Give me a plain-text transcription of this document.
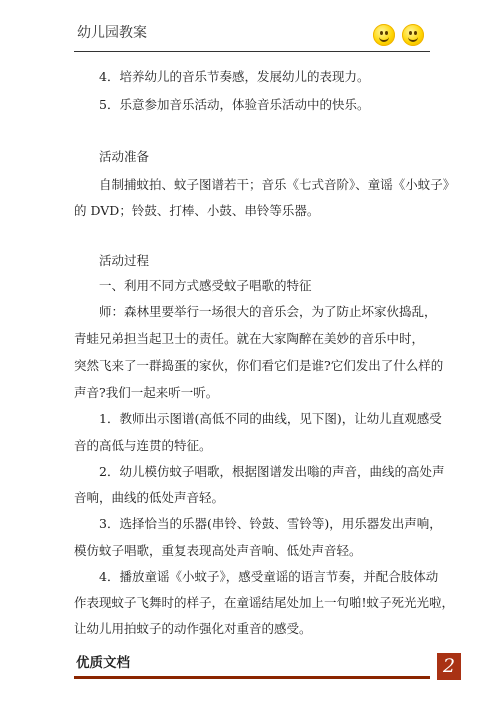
幼儿园教案
4．培养幼儿的音乐节奏感，发展幼儿的表现力。
5．乐意参加音乐活动，体验音乐活动中的快乐。
活动准备
自制捕蚊拍、蚊子图谱若干；音乐《七式音阶》、童谣《小蚊子》
的 DVD；铃鼓、打棒、小鼓、串铃等乐器。
活动过程
一、利用不同方式感受蚊子唱歌的特征
师：森林里要举行一场很大的音乐会，为了防止坏家伙捣乱，
青蛙兄弟担当起卫士的责任。就在大家陶醉在美妙的音乐中时，
突然飞来了一群捣蛋的家伙，你们看它们是谁?它们发出了什么样的
声音?我们一起来听一听。
1．教师出示图谱(高低不同的曲线，见下图)，让幼儿直观感受
音的高低与连贯的特征。
2．幼儿模仿蚊子唱歌，根据图谱发出嗡的声音，曲线的高处声
音响，曲线的低处声音轻。
3．选择恰当的乐器(串铃、铃鼓、雪铃等)，用乐器发出声响，
模仿蚊子唱歌，重复表现高处声音响、低处声音轻。
4．播放童谣《小蚊子》，感受童谣的语言节奏，并配合肢体动
作表现蚊子飞舞时的样子，在童谣结尾处加上一句啪!蚊子死光光啦，
让幼儿用拍蚊子的动作强化对重音的感受。
优质文档	2
